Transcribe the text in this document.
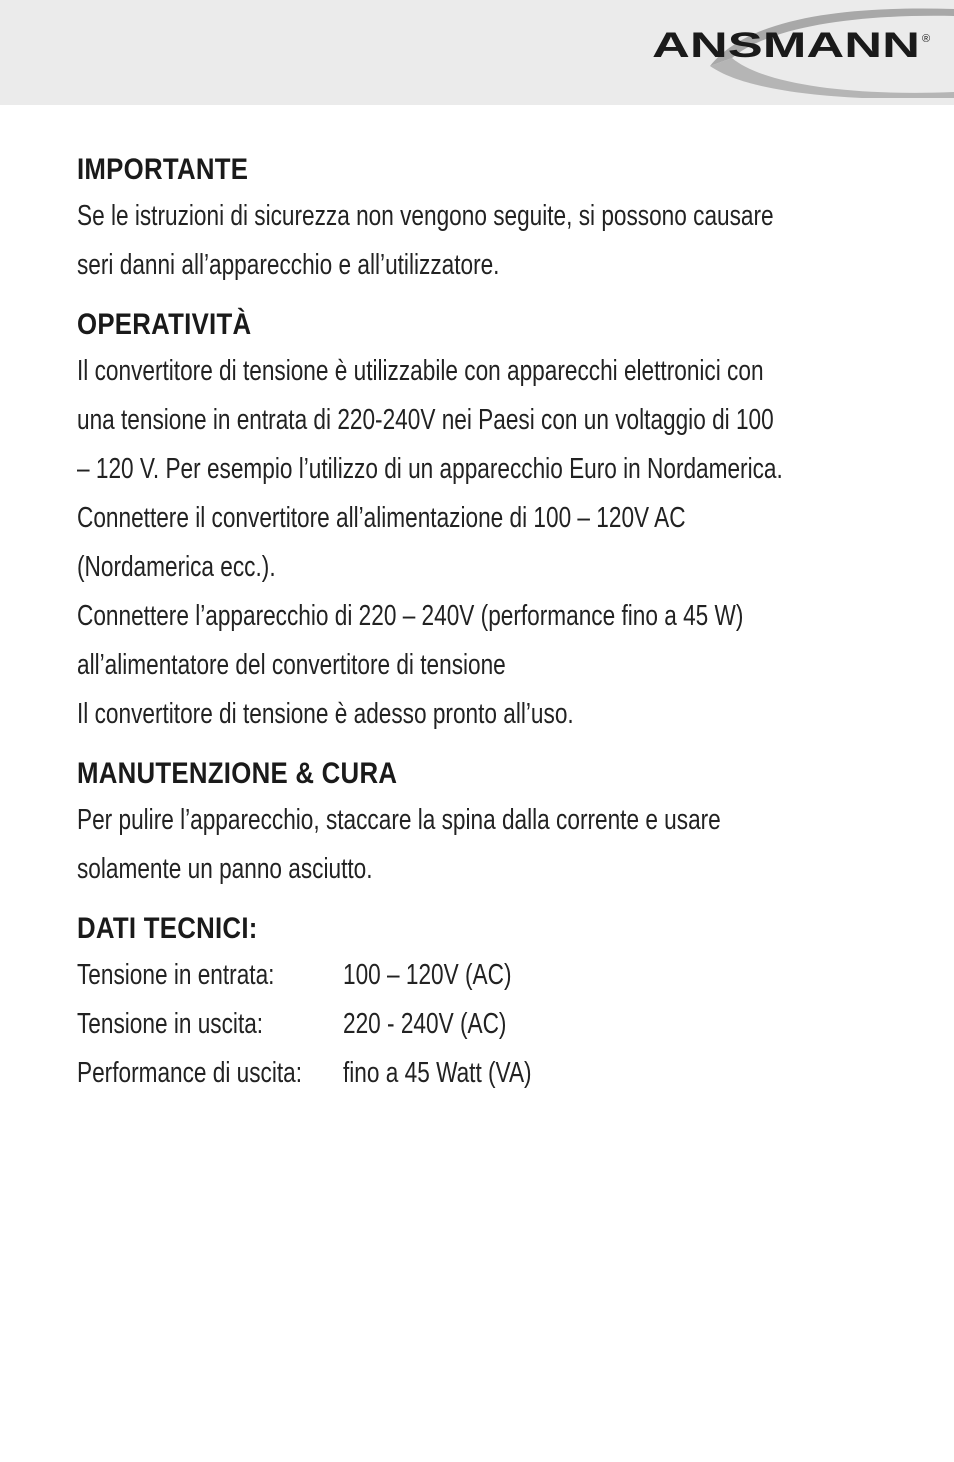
ANSMANN ®
IMPORTANTE
Se le istruzioni di sicurezza non vengono seguite, si possono causare
seri danni all’apparecchio e all’utilizzatore.
OPERATIVITÀ
Il convertitore di tensione è utilizzabile con apparecchi elettronici con
una tensione in entrata di 220-240V nei Paesi con un voltaggio di 100
– 120 V. Per esempio l’utilizzo di un apparecchio Euro in Nordamerica.
Connettere il convertitore all’alimentazione di 100 – 120V AC
(Nordamerica ecc.).
Connettere l’apparecchio di 220 – 240V (performance fino a 45 W)
all’alimentatore del convertitore di tensione
Il convertitore di tensione è adesso pronto all’uso.
MANUTENZIONE & CURA
Per pulire l’apparecchio, staccare la spina dalla corrente e usare
solamente un panno asciutto.
DATI TECNICI:
Tensione in entrata:	100 – 120V (AC)
Tensione in uscita:	220 - 240V (AC)
Performance di uscita:	fino a 45 Watt (VA)
